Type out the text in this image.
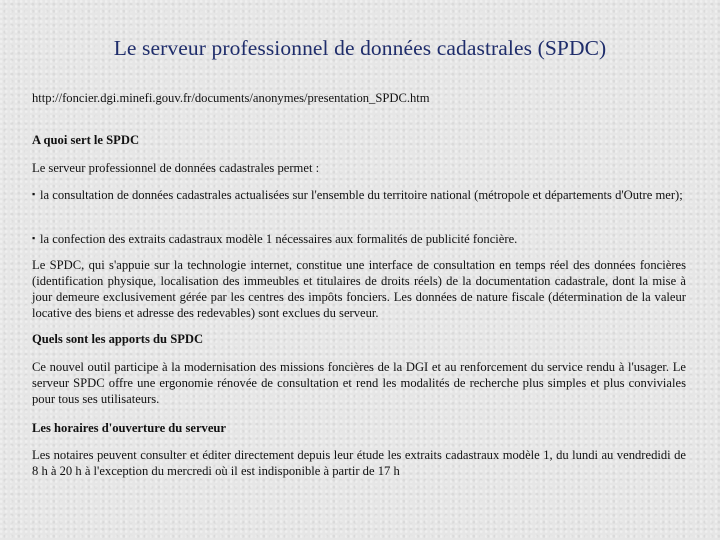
Le serveur professionnel de données cadastrales (SPDC)
http://foncier.dgi.minefi.gouv.fr/documents/anonymes/presentation_SPDC.htm
A quoi sert le SPDC
Le serveur professionnel de données cadastrales permet :
▪ la consultation de données cadastrales actualisées sur l'ensemble du territoire national (métropole et départements d'Outre mer);
▪ la confection des extraits cadastraux modèle 1 nécessaires aux formalités de publicité foncière.
Le SPDC, qui s'appuie sur la technologie internet, constitue une interface de consultation en temps réel des données foncières (identification physique, localisation des immeubles et titulaires de droits réels) de la documentation cadastrale, dont la mise à jour demeure exclusivement gérée par les centres des impôts fonciers. Les données de nature fiscale (détermination de la valeur locative des biens et adresse des redevables) sont exclues du serveur.
Quels sont les apports du SPDC
Ce nouvel outil participe à la modernisation des missions foncières de la DGI et au renforcement du service rendu à l'usager. Le serveur SPDC offre une ergonomie rénovée de consultation et rend les modalités de recherche plus simples et plus conviviales pour tous ses utilisateurs.
Les horaires d'ouverture du serveur
Les notaires peuvent consulter et éditer directement depuis leur étude les extraits cadastraux modèle 1, du lundi au vendredidi de 8 h à 20 h à l'exception du mercredi où il est indisponible à partir de 17 h
